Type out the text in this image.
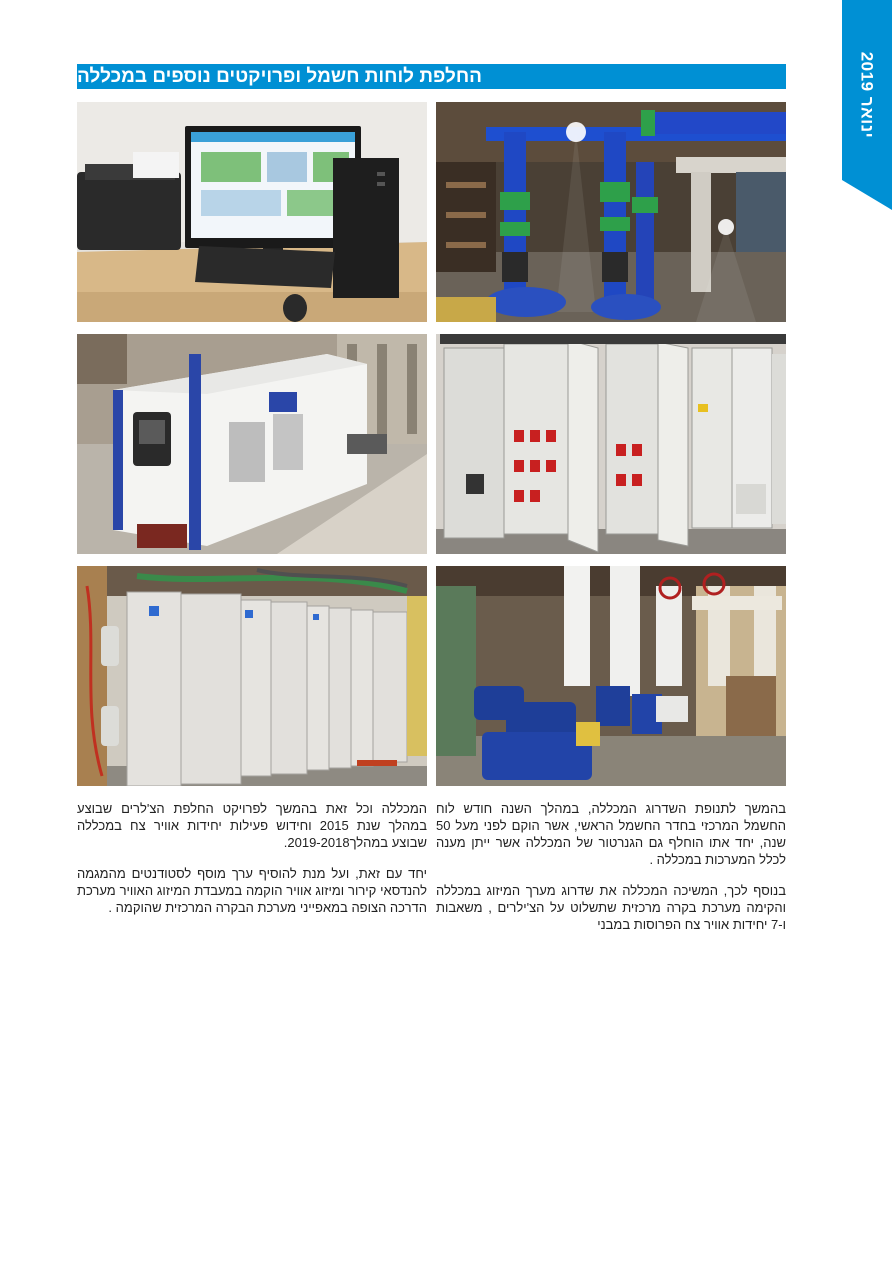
ינואר 2019
החלפת לוחות חשמל ופרויקטים נוספים במכללה

בהמשך לתנופת השדרוג המכללה, במהלך השנה חודש לוח החשמל המרכזי בחדר החשמל הראשי, אשר הוקם לפני מעל 50 שנה, יחד אתו הוחלף גם הגנרטור של המכללה אשר ייתן מענה לכלל המערכות במכללה .

בנוסף לכך, המשיכה המכללה את שדרוג מערך המיזוג במכללה והקימה מערכת בקרה מרכזית שתשלוט על הצ'ילרים , משאבות ו-7 יחידות אוויר צח הפרוסות במבני

המכללה וכל זאת בהמשך לפרויקט החלפת הצ'לרים שבוצע במהלך שנת 2015 וחידוש פעילות יחידות אוויר צח במכללה שבוצע במהלך2019-2018.

יחד עם זאת, ועל מנת להוסיף ערך מוסף לסטודנטים מהמגמה להנדסאי קירור ומיזוג אוויר הוקמה במעבדת המיזוג האוויר מערכת הדרכה הצופה במאפייני מערכת הבקרה המרכזית שהוקמה .
